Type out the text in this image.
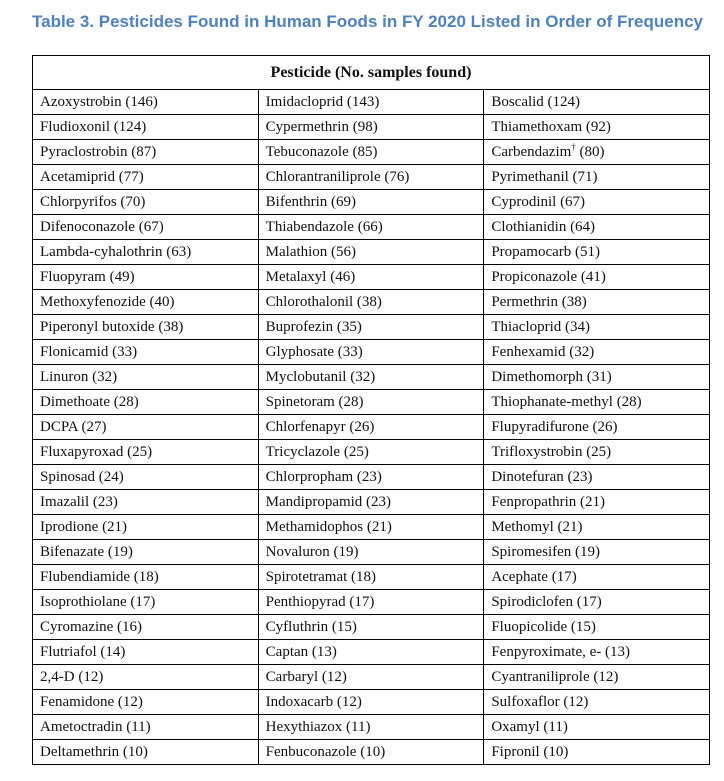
Table 3. Pesticides Found in Human Foods in FY 2020 Listed in Order of Frequency
Pesticide (No. samples found)		
Azoxystrobin (146)	Imidacloprid (143)	Boscalid (124)
Fludioxonil (124)	Cypermethrin (98)	Thiamethoxam (92)
Pyraclostrobin (87)	Tebuconazole (85)	Carbendazim† (80)
Acetamiprid (77)	Chlorantraniliprole (76)	Pyrimethanil (71)
Chlorpyrifos (70)	Bifenthrin (69)	Cyprodinil (67)
Difenoconazole (67)	Thiabendazole (66)	Clothianidin (64)
Lambda-cyhalothrin (63)	Malathion (56)	Propamocarb (51)
Fluopyram (49)	Metalaxyl (46)	Propiconazole (41)
Methoxyfenozide (40)	Chlorothalonil (38)	Permethrin (38)
Piperonyl butoxide (38)	Buprofezin (35)	Thiacloprid (34)
Flonicamid (33)	Glyphosate (33)	Fenhexamid (32)
Linuron (32)	Myclobutanil (32)	Dimethomorph (31)
Dimethoate (28)	Spinetoram (28)	Thiophanate-methyl (28)
DCPA (27)	Chlorfenapyr (26)	Flupyradifurone (26)
Fluxapyroxad (25)	Tricyclazole (25)	Trifloxystrobin (25)
Spinosad (24)	Chlorpropham (23)	Dinotefuran (23)
Imazalil (23)	Mandipropamid (23)	Fenpropathrin (21)
Iprodione (21)	Methamidophos (21)	Methomyl (21)
Bifenazate (19)	Novaluron (19)	Spiromesifen (19)
Flubendiamide (18)	Spirotetramat (18)	Acephate (17)
Isoprothiolane (17)	Penthiopyrad (17)	Spirodiclofen (17)
Cyromazine (16)	Cyfluthrin (15)	Fluopicolide (15)
Flutriafol (14)	Captan (13)	Fenpyroximate, e- (13)
2,4-D (12)	Carbaryl (12)	Cyantraniliprole (12)
Fenamidone (12)	Indoxacarb (12)	Sulfoxaflor (12)
Ametoctradin (11)	Hexythiazox (11)	Oxamyl (11)
Deltamethrin (10)	Fenbuconazole (10)	Fipronil (10)
